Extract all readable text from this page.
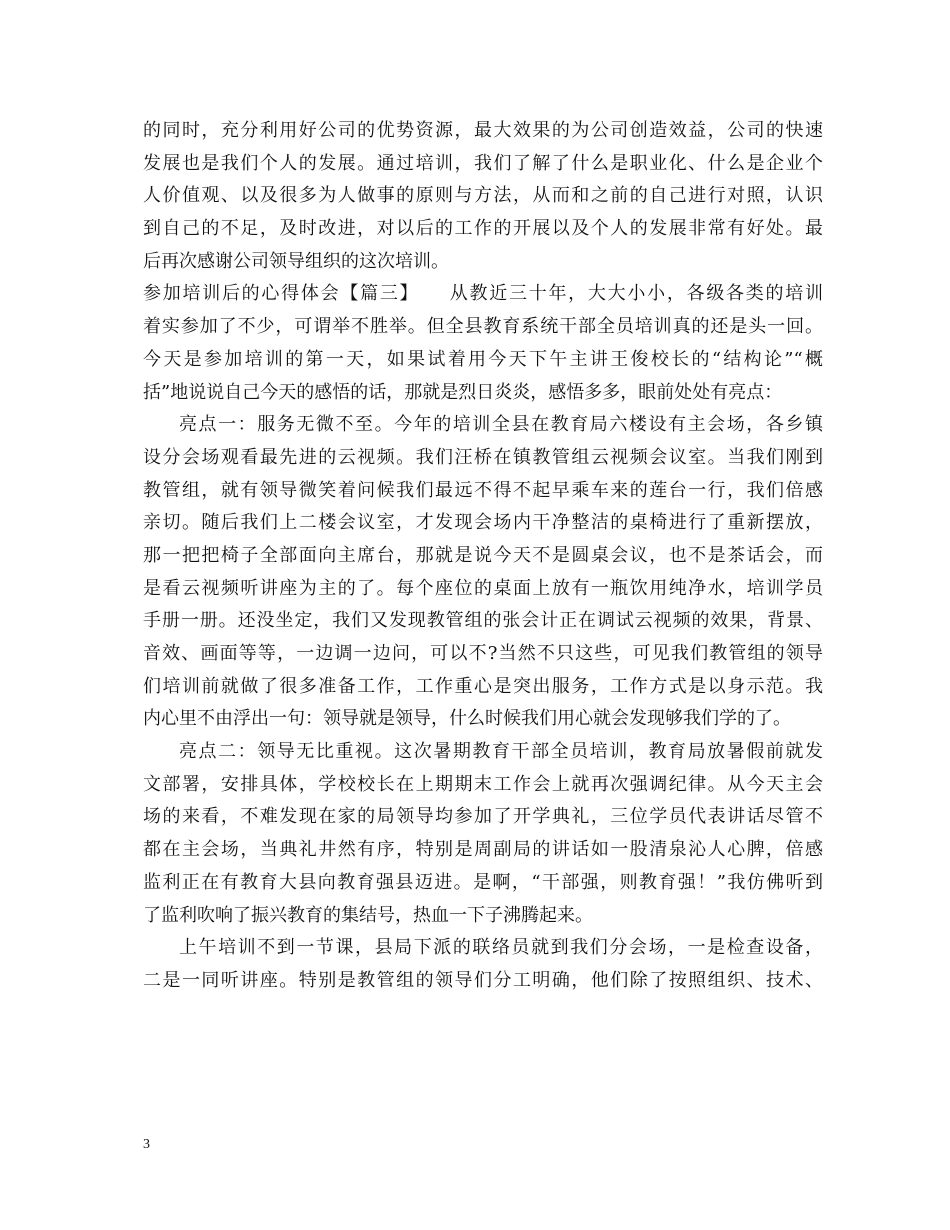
的同时，充分利用好公司的优势资源，最大效果的为公司创造效益，公司的快速
发展也是我们个人的发展。通过培训，我们了解了什么是职业化、什么是企业个
人价值观、以及很多为人做事的原则与方法，从而和之前的自己进行对照，认识
到自己的不足，及时改进，对以后的工作的开展以及个人的发展非常有好处。最
后再次感谢公司领导组织的这次培训。
参加培训后的心得体会【篇三】　　从教近三十年，大大小小，各级各类的培训
着实参加了不少，可谓举不胜举。但全县教育系统干部全员培训真的还是头一回。
今天是参加培训的第一天，如果试着用今天下午主讲王俊校长的“结构论”“概
括”地说说自己今天的感悟的话，那就是烈日炎炎，感悟多多，眼前处处有亮点：
亮点一：服务无微不至。今年的培训全县在教育局六楼设有主会场，各乡镇
设分会场观看最先进的云视频。我们汪桥在镇教管组云视频会议室。当我们刚到
教管组，就有领导微笑着问候我们最远不得不起早乘车来的莲台一行，我们倍感
亲切。随后我们上二楼会议室，才发现会场内干净整洁的桌椅进行了重新摆放，
那一把把椅子全部面向主席台，那就是说今天不是圆桌会议，也不是茶话会，而
是看云视频听讲座为主的了。每个座位的桌面上放有一瓶饮用纯净水，培训学员
手册一册。还没坐定，我们又发现教管组的张会计正在调试云视频的效果，背景、
音效、画面等等，一边调一边问，可以不?当然不只这些，可见我们教管组的领导
们培训前就做了很多准备工作，工作重心是突出服务，工作方式是以身示范。我
内心里不由浮出一句：领导就是领导，什么时候我们用心就会发现够我们学的了。
亮点二：领导无比重视。这次暑期教育干部全员培训，教育局放暑假前就发
文部署，安排具体，学校校长在上期期末工作会上就再次强调纪律。从今天主会
场的来看，不难发现在家的局领导均参加了开学典礼，三位学员代表讲话尽管不
都在主会场，当典礼井然有序，特别是周副局的讲话如一股清泉沁人心脾，倍感
监利正在有教育大县向教育强县迈进。是啊，“干部强，则教育强！”我仿佛听到
了监利吹响了振兴教育的集结号，热血一下子沸腾起来。
上午培训不到一节课，县局下派的联络员就到我们分会场，一是检查设备，
二是一同听讲座。特别是教管组的领导们分工明确，他们除了按照组织、技术、
3
